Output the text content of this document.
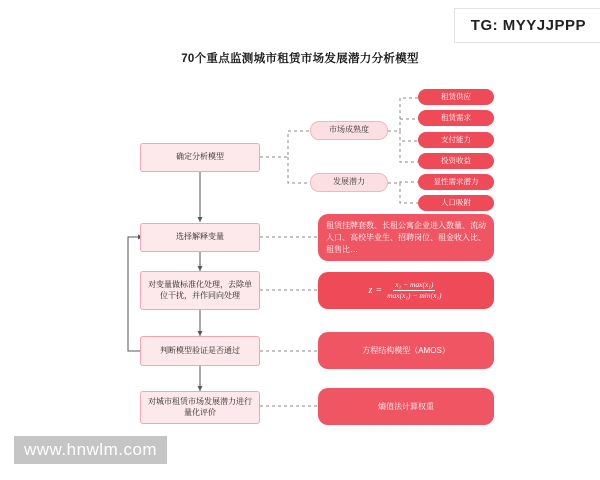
TG: MYYJJPPP
70个重点监测城市租赁市场发展潜力分析模型
确定分析模型
选择解释变量
对变量做标准化处理，去除单位干扰，并作同向处理
判断模型验证是否通过
对城市租赁市场发展潜力进行量化评价
市场成熟度
发展潜力
租赁供应
租赁需求
支付能力
投资收益
显性需求潜力
人口吸附
租赁挂牌套数、长租公寓企业进入数量、流动人口、高校毕业生、招聘岗位、租金收入比、租售比…
$z = \frac{\text{x₁ − max(x₁)}}{\text{max(x₁) − min(x₁)}}$
方程结构模型（AMOS）
熵值法计算权重
www.hnwlm.com
